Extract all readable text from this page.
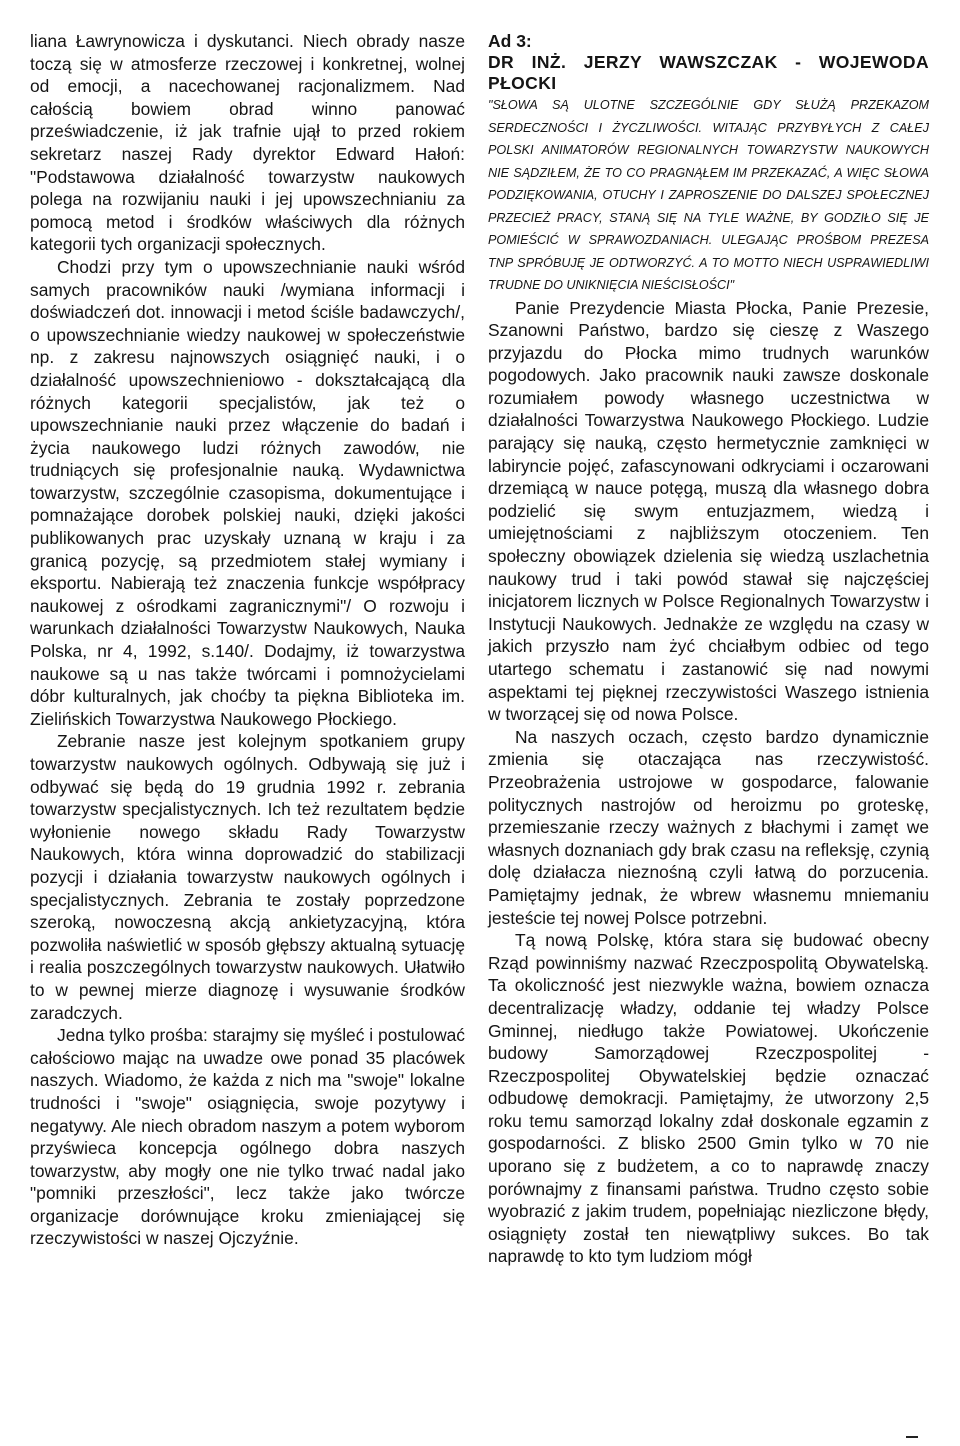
liana Ławrynowicza i dyskutanci. Niech obrady nasze toczą się w atmosferze rzeczowej i konkretnej, wolnej od emocji, a nacechowanej racjonalizmem. Nad całością bowiem obrad winno panować przeświadczenie, iż jak trafnie ujął to przed rokiem sekretarz naszej Rady dyrektor Edward Hałoń: "Podstawowa działalność towarzystw naukowych polega na rozwijaniu nauki i jej upowszechnianiu za pomocą metod i środków właściwych dla różnych kategorii tych organizacji społecznych.

Chodzi przy tym o upowszechnianie nauki wśród samych pracowników nauki /wymiana informacji i doświadczeń dot. innowacji i metod ściśle badawczych/, o upowszechnianie wiedzy naukowej w społeczeństwie np. z zakresu najnowszych osiągnięć nauki, i o działalność upowszechnieniowo - dokształcającą dla różnych kategorii specjalistów, jak też o upowszechnianie nauki przez włączenie do badań i życia naukowego ludzi różnych zawodów, nie trudniących się profesjonalnie nauką. Wydawnictwa towarzystw, szczególnie czasopisma, dokumentujące i pomnażające dorobek polskiej nauki, dzięki jakości publikowanych prac uzyskały uznaną w kraju i za granicą pozycję, są przedmiotem stałej wymiany i eksportu. Nabierają też znaczenia funkcje współpracy naukowej z ośrodkami zagranicznymi"/ O rozwoju i warunkach działalności Towarzystw Naukowych, Nauka Polska, nr 4, 1992, s.140/. Dodajmy, iż towarzystwa naukowe są u nas także twórcami i pomnożycielami dóbr kulturalnych, jak choćby ta piękna Biblioteka im. Zielińskich Towarzystwa Naukowego Płockiego.

Zebranie nasze jest kolejnym spotkaniem grupy towarzystw naukowych ogólnych. Odbywają się już i odbywać się będą do 19 grudnia 1992 r. zebrania towarzystw specjalistycznych. Ich też rezultatem będzie wyłonienie nowego składu Rady Towarzystw Naukowych, która winna doprowadzić do stabilizacji pozycji i działania towarzystw naukowych ogólnych i specjalistycznych. Zebrania te zostały poprzedzone szeroką, nowoczesną akcją ankietyzacyjną, która pozwoliła naświetlić w sposób głębszy aktualną sytuację i realia poszczególnych towarzystw naukowych. Ułatwiło to w pewnej mierze diagnozę i wysuwanie środków zaradczych.

Jedna tylko prośba: starajmy się myśleć i postulować całościowo mając na uwadze owe ponad 35 placówek naszych. Wiadomo, że każda z nich ma "swoje" lokalne trudności i "swoje" osiągnięcia, swoje pozytywy i negatywy. Ale niech obradom naszym a potem wyborom przyświeca koncepcja ogólnego dobra naszych towarzystw, aby mogły one nie tylko trwać nadal jako "pomniki przeszłości", lecz także jako twórcze organizacje dorównujące kroku zmieniającej się rzeczywistości w naszej Ojczyźnie.

Ad 3:

DR INŻ. JERZY WAWSZCZAK - WOJEWODA PŁOCKI

"SŁOWA SĄ ULOTNE SZCZEGÓLNIE GDY SŁUŻĄ PRZEKAZOM SERDECZNOŚCI I ŻYCZLIWOŚCI. WITAJĄC PRZYBYŁYCH Z CAŁEJ POLSKI ANIMATORÓW REGIONALNYCH TOWARZYSTW NAUKOWYCH NIE SĄDZIŁEM, ŻE TO CO PRAGNĄŁEM IM PRZEKAZAĆ, A WIĘC SŁOWA PODZIĘKOWANIA, OTUCHY I ZAPROSZENIE DO DALSZEJ SPOŁECZNEJ PRZECIEŻ PRACY, STANĄ SIĘ NA TYLE WAŻNE, BY GODZIŁO SIĘ JE POMIEŚCIĆ W SPRAWOZDANIACH. ULEGAJĄC PROŚBOM PREZESA TNP SPRÓBUJĘ JE ODTWORZYĆ. A TO MOTTO NIECH USPRAWIEDLIWI TRUDNE DO UNIKNIĘCIA NIEŚCISŁOŚCI"

Panie Prezydencie Miasta Płocka, Panie Prezesie, Szanowni Państwo, bardzo się cieszę z Waszego przyjazdu do Płocka mimo trudnych warunków pogodowych. Jako pracownik nauki zawsze doskonale rozumiałem powody własnego uczestnictwa w działalności Towarzystwa Naukowego Płockiego. Ludzie parający się nauką, często hermetycznie zamknięci w labiryncie pojęć, zafascynowani odkryciami i oczarowani drzemiącą w nauce potęgą, muszą dla własnego dobra podzielić się swym entuzjazmem, wiedzą i umiejętnościami z najbliższym otoczeniem. Ten społeczny obowiązek dzielenia się wiedzą uszlachetnia naukowy trud i taki powód stawał się najczęściej inicjatorem licznych w Polsce Regionalnych Towarzystw i Instytucji Naukowych. Jednakże ze względu na czasy w jakich przyszło nam żyć chciałbym odbiec od tego utartego schematu i zastanowić się nad nowymi aspektami tej pięknej rzeczywistości Waszego istnienia w tworzącej się od nowa Polsce.

Na naszych oczach, często bardzo dynamicznie zmienia się otaczająca nas rzeczywistość. Przeobrażenia ustrojowe w gospodarce, falowanie politycznych nastrojów od heroizmu po groteskę, przemieszanie rzeczy ważnych z błachymi i zamęt we własnych doznaniach gdy brak czasu na refleksję, czynią dolę działacza nieznośną czyli łatwą do porzucenia. Pamiętajmy jednak, że wbrew własnemu mniemaniu jesteście tej nowej Polsce potrzebni.

Tą nową Polskę, która stara się budować obecny Rząd powinniśmy nazwać Rzeczpospolitą Obywatelską. Ta okoliczność jest niezwykle ważna, bowiem oznacza decentralizację władzy, oddanie tej władzy Polsce Gminnej, niedługo także Powiatowej. Ukończenie budowy Samorządowej Rzeczpospolitej - Rzeczpospolitej Obywatelskiej będzie oznaczać odbudowę demokracji. Pamiętajmy, że utworzony 2,5 roku temu samorząd lokalny zdał doskonale egzamin z gospodarności. Z blisko 2500 Gmin tylko w 70 nie uporano się z budżetem, a co to naprawdę znaczy porównajmy z finansami państwa. Trudno często sobie wyobrazić z jakim trudem, popełniając niezliczone błędy, osiągnięty został ten niewątpliwy sukces. Bo tak naprawdę to kto tym ludziom mógł
